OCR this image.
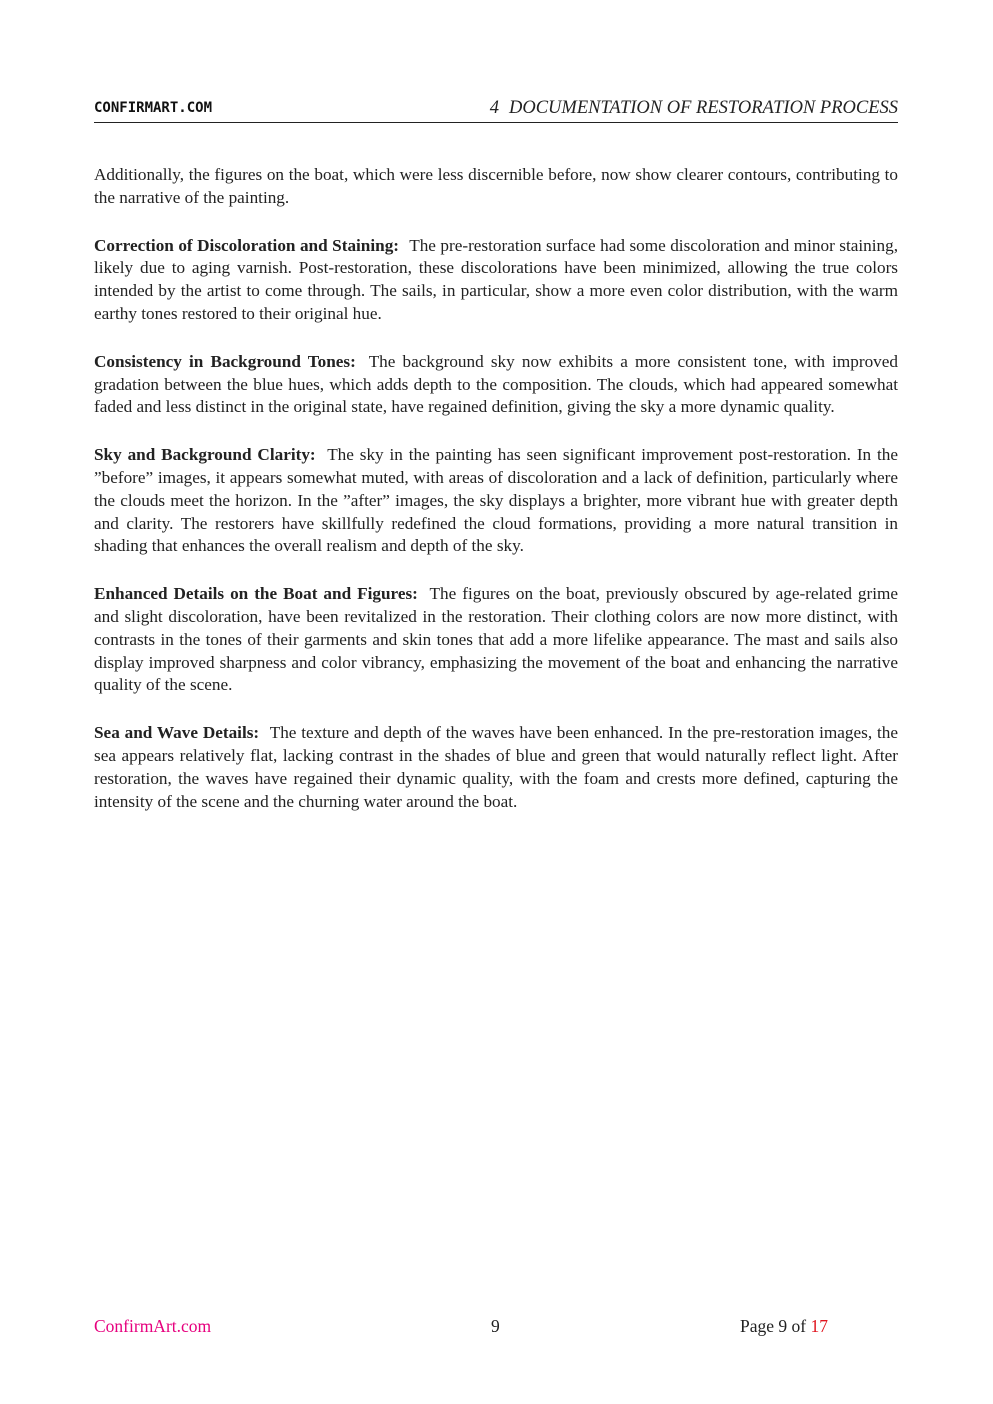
CONFIRMART.COM	4 DOCUMENTATION OF RESTORATION PROCESS

Additionally, the figures on the boat, which were less discernible before, now show clearer contours, contributing to the narrative of the painting.

Correction of Discoloration and Staining: The pre-restoration surface had some discoloration and minor staining, likely due to aging varnish. Post-restoration, these discolorations have been minimized, allowing the true colors intended by the artist to come through. The sails, in particular, show a more even color distribution, with the warm earthy tones restored to their original hue.

Consistency in Background Tones: The background sky now exhibits a more consistent tone, with improved gradation between the blue hues, which adds depth to the composition. The clouds, which had appeared somewhat faded and less distinct in the original state, have regained definition, giving the sky a more dynamic quality.

Sky and Background Clarity: The sky in the painting has seen significant improvement post-restoration. In the ”before” images, it appears somewhat muted, with areas of discoloration and a lack of definition, particularly where the clouds meet the horizon. In the ”after” images, the sky displays a brighter, more vibrant hue with greater depth and clarity. The restorers have skillfully redefined the cloud formations, providing a more natural transition in shading that enhances the overall realism and depth of the sky.

Enhanced Details on the Boat and Figures: The figures on the boat, previously obscured by age-related grime and slight discoloration, have been revitalized in the restoration. Their clothing colors are now more distinct, with contrasts in the tones of their garments and skin tones that add a more lifelike appearance. The mast and sails also display improved sharpness and color vibrancy, emphasizing the movement of the boat and enhancing the narrative quality of the scene.

Sea and Wave Details: The texture and depth of the waves have been enhanced. In the pre-restoration images, the sea appears relatively flat, lacking contrast in the shades of blue and green that would naturally reflect light. After restoration, the waves have regained their dynamic quality, with the foam and crests more defined, capturing the intensity of the scene and the churning water around the boat.

ConfirmArt.com	9	Page 9 of 17
